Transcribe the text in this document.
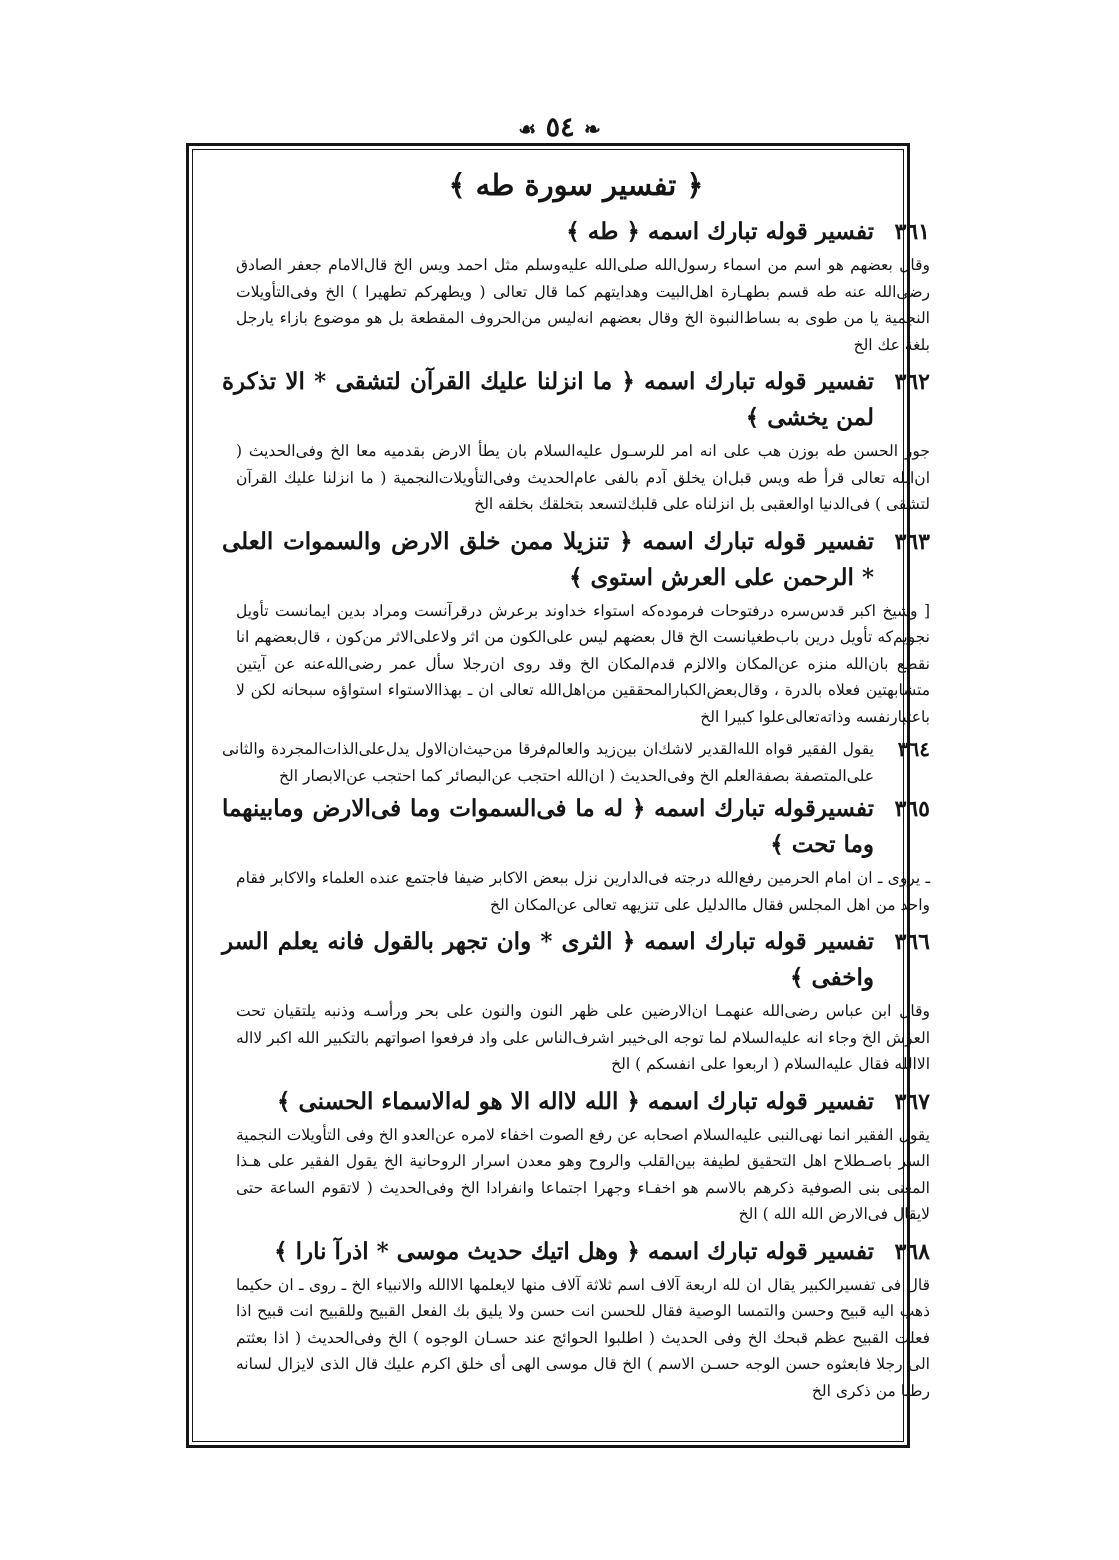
❧ ٥٤ ☙
﴿ تفسير سورة طه ﴾
٣٦١
تفسير قوله تبارك اسمه ﴿ طه ﴾
وقال بعضهم هو اسم من اسماء رسول‌الله صلى‌الله عليه‌وسلم مثل احمد ويس الخ قال‌الامام جعفر الصادق رضى‌الله عنه طه قسم بطهـارة اهل‌البيت وهدايتهم كما قال تعالى ( ويطهركم تطهيرا ) الخ وفى‌التأويلات النجمية يا من طوى به بساط‌النبوة الخ وقال بعضهم انه‌ليس من‌الحروف المقطعة بل هو موضوع بازاء يارجل بلغة عك الخ
٣٦٢
تفسير قوله تبارك اسمه ﴿ ما انزلنا عليك القرآن لتشقى * الا تذكرة لمن يخشى ﴾
جور الحسن طه بوزن هب على انه امر للرسـول عليه‌السلام بان يطأ الارض بقدميه معا الخ وفى‌الحديث ( ان‌الله تعالى قرأ طه ويس قبل‌ان يخلق آدم بالفى عام‌الحديث وفى‌التأويلات‌النجمية ( ما انزلنا عليك القرآن لتشقى ) فى‌الدنيا اوالعقبى بل انزلناه على قلبك‌لتسعد بتخلقك بخلقه الخ
٣٦٣
تفسير قوله تبارك اسمه ﴿ تنزيلا ممن خلق الارض والسموات العلى * الرحمن على العرش استوى ﴾
[ وشيخ اكبر قدس‌سره درفتوحات فرموده‌كه استواء خداوند برعرش درقرآنست ومراد بدين ايمانست تأويل نجويم‌كه تأويل درين باب‌طغيانست الخ قال بعضهم ليس على‌الكون من اثر ولاعلى‌الاثر من‌كون ، قال‌بعضهم انا نقطع بان‌الله منزه عن‌المكان والالزم قدم‌المكان الخ وقد روى ان‌رجلا سأل عمر رضى‌الله‌عنه عن آيتين متشابهتين فعلاه بالدرة ، وقال‌بعض‌الكبار‌المحققين من‌اهل‌الله تعالى ان ـ بهذاالاستواء استواؤه سبحانه لكن لا باعتبارنفسه وذاته‌تعالى‌علوا كبيرا الخ
٣٦٤
يقول الفقير قواه الله‌القدير لاشك‌ان بين‌زيد والعالم‌فرقا من‌حيث‌ان‌الاول يدل‌على‌الذات‌المجردة والثانى على‌المتصفة بصفة‌العلم الخ وفى‌الحديث ( ان‌الله احتجب عن‌البصائر كما احتجب عن‌الابصار الخ
٣٦٥
تفسيرقوله تبارك اسمه ﴿ له ما فى‌السموات وما فى‌الارض ومابينهما وما تحت ﴾
ـ يروى ـ ان امام الحرمين رفع‌الله درجته فى‌الدارين نزل ببعض الاكابر ضيفا فاجتمع عنده العلماء والاكابر فقام واحد من اهل المجلس فقال ماالدليل على تنزيهه تعالى عن‌المكان الخ
٣٦٦
تفسير قوله تبارك اسمه ﴿ الثرى * وان تجهر بالقول فانه يعلم السر واخفى ﴾
وقال ابن عباس رضى‌الله عنهمـا ان‌الارضين على ظهر النون والنون على بحر ورأسـه وذنبه يلتقيان تحت العرش الخ وجاء انه عليه‌السلام لما توجه الى‌خيبر اشرف‌الناس على واد فرفعوا اصواتهم بالتكبير الله اكبر لااله الاالله فقال عليه‌السلام ( اربعوا على انفسكم ) الخ
٣٦٧
تفسير قوله تبارك اسمه ﴿ الله لااله الا هو له‌الاسماء الحسنى ﴾
يقول الفقير انما نهى‌النبى عليه‌السلام اصحابه عن رفع الصوت اخفاء لامره عن‌العدو الخ وفى التأويلات النجمية السر باصـطلاح اهل التحقيق لطيفة بين‌القلب والروح وهو معدن اسرار الروحانية الخ يقول الفقير على هـذا المعنى بنى الصوفية ذكرهم بالاسم هو اخفـاء وجهرا اجتماعا وانفرادا الخ وفى‌الحديث ( لاتقوم الساعة حتى لايقال فى‌الارض الله الله ) الخ
٣٦٨
تفسير قوله تبارك اسمه ﴿ وهل اتيك حديث موسى * اذرآ نارا ﴾
قال فى تفسير‌الكبير يقال ان لله اربعة آلاف اسم ثلاثة آلاف منها لايعلمها الاالله والانبياء الخ ـ روى ـ ان حكيما ذهب اليه قبيح وحسن والتمسا الوصية فقال للحسن انت حسن ولا يليق بك الفعل القبيح وللقبيح انت قبيح اذا فعلت القبيح عظم قبحك الخ وفى الحديث ( اطلبوا الحوائج عند حسـان الوجوه ) الخ وفى‌الحديث ( اذا بعثتم الى رجلا فابعثوه حسن الوجه حسـن الاسم ) الخ قال موسى الهى أى خلق اكرم عليك قال الذى لايزال لسانه رطبا من ذكرى الخ
